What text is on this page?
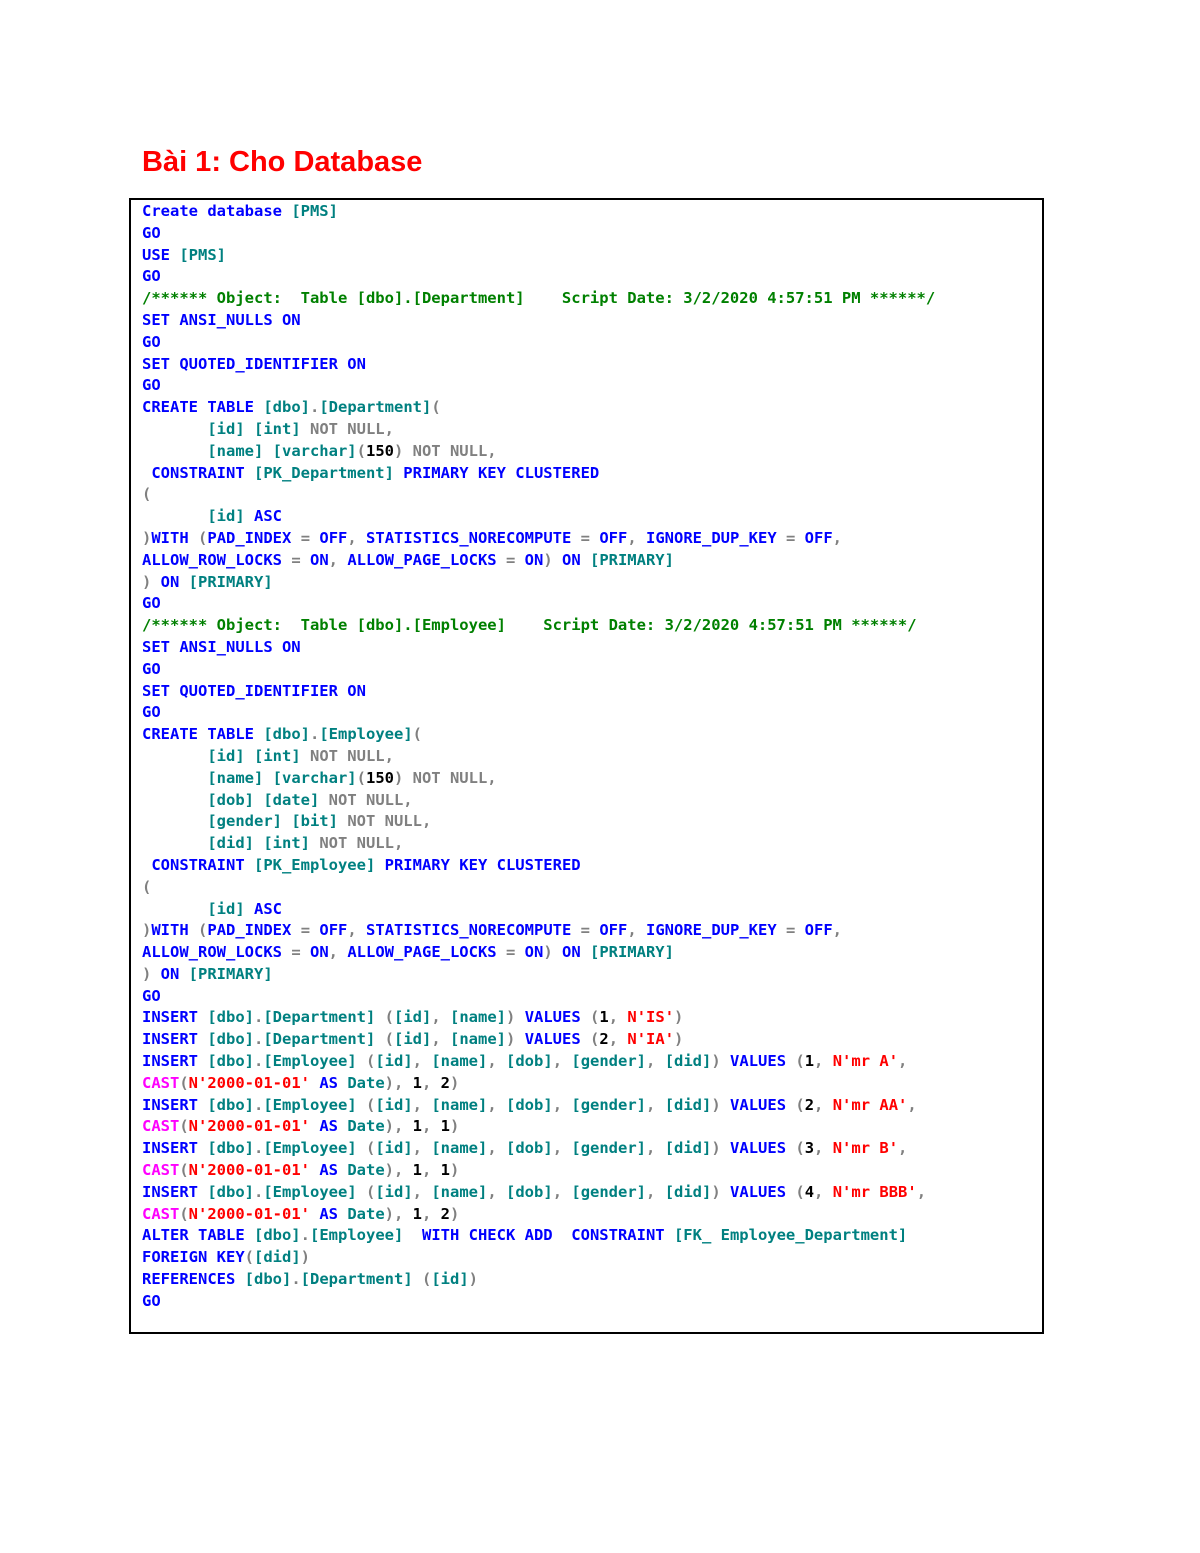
Bài 1: Cho Database
Create database [PMS]
GO
USE [PMS]
GO
/****** Object:  Table [dbo].[Department]    Script Date: 3/2/2020 4:57:51 PM ******/
SET ANSI_NULLS ON
GO
SET QUOTED_IDENTIFIER ON
GO
CREATE TABLE [dbo].[Department](
[id] [int] NOT NULL,
[name] [varchar](150) NOT NULL,
CONSTRAINT [PK_Department] PRIMARY KEY CLUSTERED
(
[id] ASC
)WITH (PAD_INDEX = OFF, STATISTICS_NORECOMPUTE = OFF, IGNORE_DUP_KEY = OFF,
ALLOW_ROW_LOCKS = ON, ALLOW_PAGE_LOCKS = ON) ON [PRIMARY]
) ON [PRIMARY]
GO
/****** Object:  Table [dbo].[Employee]    Script Date: 3/2/2020 4:57:51 PM ******/
SET ANSI_NULLS ON
GO
SET QUOTED_IDENTIFIER ON
GO
CREATE TABLE [dbo].[Employee](
[id] [int] NOT NULL,
[name] [varchar](150) NOT NULL,
[dob] [date] NOT NULL,
[gender] [bit] NOT NULL,
[did] [int] NOT NULL,
CONSTRAINT [PK_Employee] PRIMARY KEY CLUSTERED
(
[id] ASC
)WITH (PAD_INDEX = OFF, STATISTICS_NORECOMPUTE = OFF, IGNORE_DUP_KEY = OFF,
ALLOW_ROW_LOCKS = ON, ALLOW_PAGE_LOCKS = ON) ON [PRIMARY]
) ON [PRIMARY]
GO
INSERT [dbo].[Department] ([id], [name]) VALUES (1, N'IS')
INSERT [dbo].[Department] ([id], [name]) VALUES (2, N'IA')
INSERT [dbo].[Employee] ([id], [name], [dob], [gender], [did]) VALUES (1, N'mr A',
CAST(N'2000-01-01' AS Date), 1, 2)
INSERT [dbo].[Employee] ([id], [name], [dob], [gender], [did]) VALUES (2, N'mr AA',
CAST(N'2000-01-01' AS Date), 1, 1)
INSERT [dbo].[Employee] ([id], [name], [dob], [gender], [did]) VALUES (3, N'mr B',
CAST(N'2000-01-01' AS Date), 1, 1)
INSERT [dbo].[Employee] ([id], [name], [dob], [gender], [did]) VALUES (4, N'mr BBB',
CAST(N'2000-01-01' AS Date), 1, 2)
ALTER TABLE [dbo].[Employee]  WITH CHECK ADD  CONSTRAINT [FK_ Employee_Department]
FOREIGN KEY([did])
REFERENCES [dbo].[Department] ([id])
GO
